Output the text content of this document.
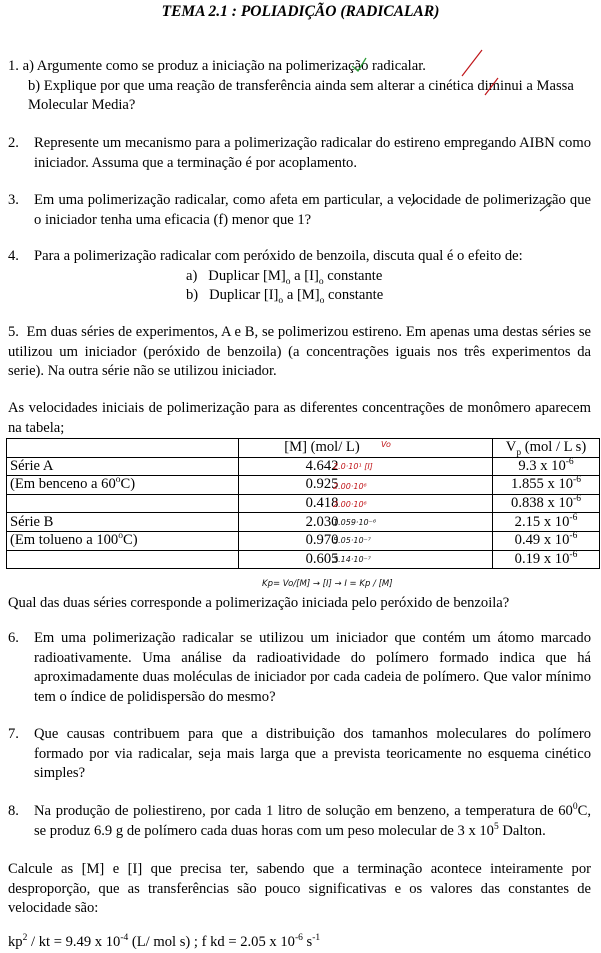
TEMA 2.1 : POLIADIÇÃO (RADICALAR)
1. a) Argumente como se produz a iniciação na polimerização radicalar.
b) Explique por que uma reação de transferência ainda sem alterar a cinética diminui a Massa Molecular Media?
2. Represente um mecanismo para a polimerização radicalar do estireno empregando AIBN como iniciador. Assuma que a terminação é por acoplamento.
3. Em uma polimerização radicalar, como afeta em particular, a velocidade de polimerização que o iniciador tenha uma eficacia (f) menor que 1?
4. Para a polimerização radicalar com peróxido de benzoila, discuta qual é o efeito de:
a) Duplicar $[M]_o$ a $[I]_o$ constante
b) Duplicar $[I]_o$ a $[M]_o$ constante
5. Em duas séries de experimentos, A e B, se polimerizou estireno. Em apenas uma destas séries se utilizou um iniciador (peróxido de benzoila) (a concentrações iguais nos três experimentos da serie). Na outra série não se utilizou iniciador.
As velocidades iniciais de polimerização para as diferentes concentrações de monômero aparecem na tabela;
	[M] (mol/ L)	$V_p$ (mol / L s)
Série A	4.642	9.3 x $10^{-6}$
(Em benceno a 60$^o$C)	0.925	1.855 x $10^{-6}$
	0.418	0.838 x $10^{-6}$
Série B	2.030	2.15 x $10^{-6}$
(Em tolueno a 100$^o$C)	0.970	0.49 x $10^{-6}$
	0.605	0.19 x $10^{-6}$
Vo
2.0·10¹ [I]
2.00·10⁶
2.00·10⁶
1.059·10⁻⁶
5.05·10⁻⁷
3.14·10⁻⁷
Kp= Vo/[M] → [I] → I = Kp / [M]
Qual das duas séries corresponde a polimerização iniciada pelo peróxido de benzoila?
6. Em uma polimerização radicalar se utilizou um iniciador que contém um átomo marcado radioativamente. Uma análise da radioatividade do polímero formado indica que há aproximadamente duas moléculas de iniciador por cada cadeia de polímero. Que valor mínimo tem o índice de polidispersão do mesmo?
7. Que causas contribuem para que a distribuição dos tamanhos moleculares do polímero formado por via radicalar, seja mais larga que a prevista teoricamente no esquema cinético simples?
8. Na produção de poliestireno, por cada 1 litro de solução em benzeno, a temperatura de $60^0C$, se produz 6.9 g de polímero cada duas horas com um peso molecular de 3 x $10^5$ Dalton.
Calcule as [M] e [I] que precisa ter, sabendo que a terminação acontece inteiramente por desproporção, que as transferências são pouco significativas e os valores das constantes de velocidade são:
$kp^2$ / kt = 9.49 x $10^{-4}$ (L/ mol s) ; f kd = 2.05 x $10^{-6}$ $s^{-1}$
